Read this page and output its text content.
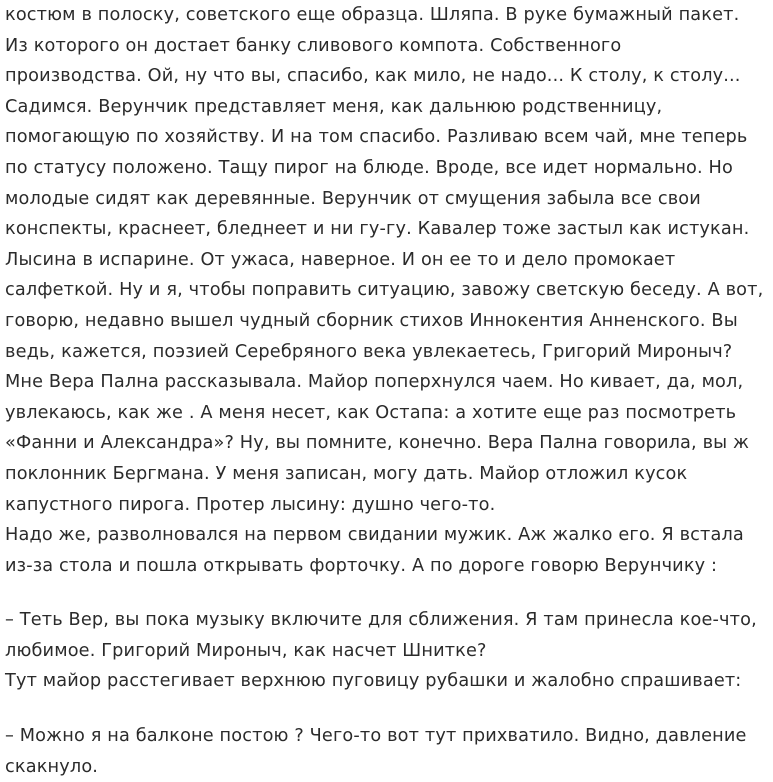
костюм в полоску, советского еще образца. Шляпа. В руке бумажный пакет.
Из которого он достает банку сливового компота. Собственного
производства. Ой, ну что вы, спасибо, как мило, не надо... К столу, к столу...
Садимся. Верунчик представляет меня, как дальнюю родственницу,
помогающую по хозяйству. И на том спасибо. Разливаю всем чай, мне теперь
по статусу положено. Тащу пирог на блюде. Вроде, все идет нормально. Но
молодые сидят как деревянные. Верунчик от смущения забыла все свои
конспекты, краснеет, бледнеет и ни гу-гу. Кавалер тоже застыл как истукан.
Лысина в испарине. От ужаса, наверное. И он ее то и дело промокает
салфеткой. Ну и я, чтобы поправить ситуацию, завожу светскую беседу. А вот,
говорю, недавно вышел чудный сборник стихов Иннокентия Анненского. Вы
ведь, кажется, поэзией Серебряного века увлекаетесь, Григорий Мироныч?
Мне Вера Пална рассказывала. Майор поперхнулся чаем. Но кивает, да, мол,
увлекаюсь, как же . А меня несет, как Остапа: а хотите еще раз посмотреть
«Фанни и Александра»? Ну, вы помните, конечно. Вера Пална говорила, вы ж
поклонник Бергмана. У меня записан, могу дать. Майор отложил кусок
капустного пирога. Протер лысину: душно чего-то.
Надо же, разволновался на первом свидании мужик. Аж жалко его. Я встала
из-за стола и пошла открывать форточку. А по дороге говорю Верунчику :
– Теть Вер, вы пока музыку включите для сближения. Я там принесла кое-что,
любимое. Григорий Мироныч, как насчет Шнитке?
Тут майор расстегивает верхнюю пуговицу рубашки и жалобно спрашивает:
– Можно я на балконе постою ? Чего-то вот тут прихватило. Видно, давление
скакнуло.
